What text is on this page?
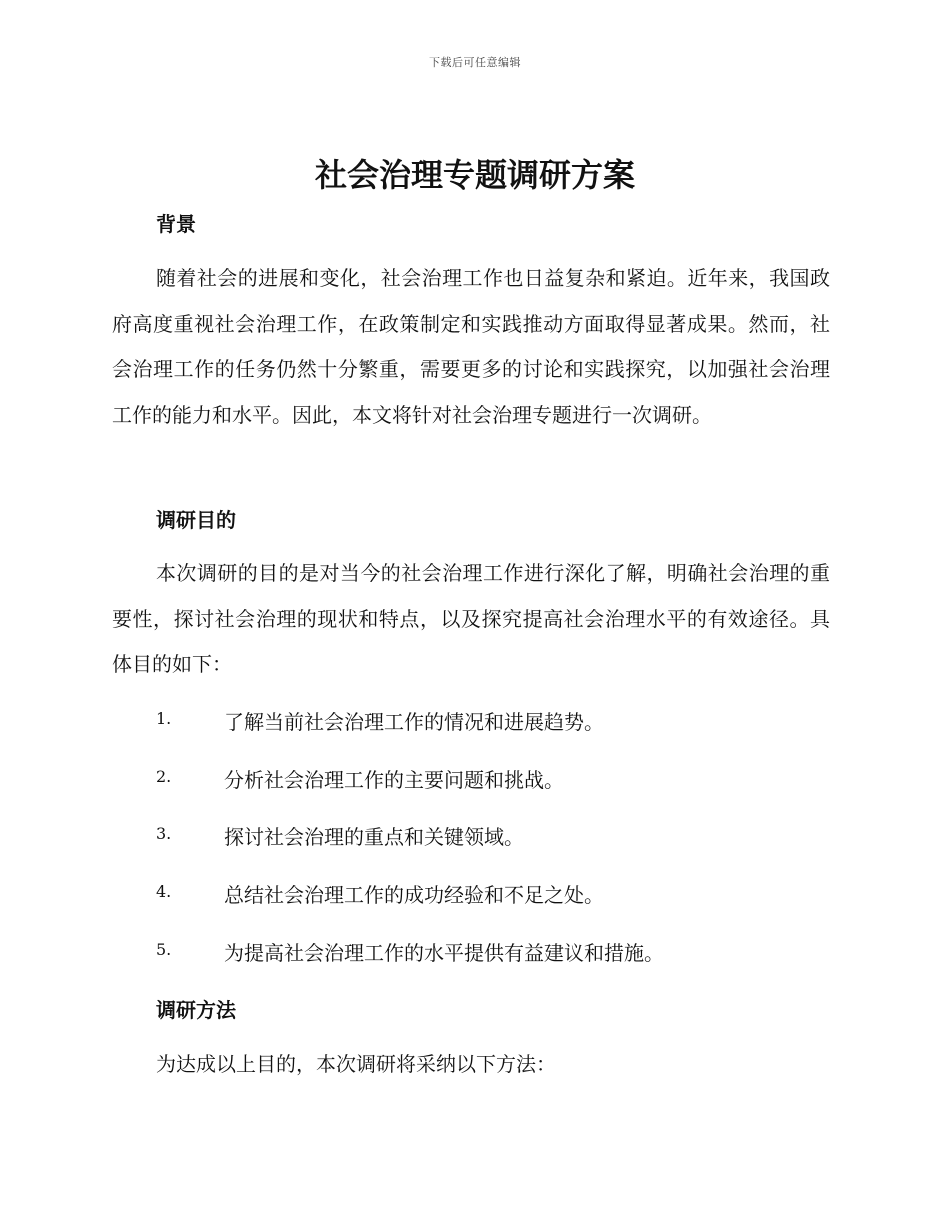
下载后可任意编辑
社会治理专题调研方案
背景

随着社会的进展和变化，社会治理工作也日益复杂和紧迫。近年来，我国政府高度重视社会治理工作，在政策制定和实践推动方面取得显著成果。然而，社会治理工作的任务仍然十分繁重，需要更多的讨论和实践探究，以加强社会治理工作的能力和水平。因此，本文将针对社会治理专题进行一次调研。

调研目的

本次调研的目的是对当今的社会治理工作进行深化了解，明确社会治理的重要性，探讨社会治理的现状和特点，以及探究提高社会治理水平的有效途径。具体目的如下：

1.	了解当前社会治理工作的情况和进展趋势。
2.	分析社会治理工作的主要问题和挑战。
3.	探讨社会治理的重点和关键领域。
4.	总结社会治理工作的成功经验和不足之处。
5.	为提高社会治理工作的水平提供有益建议和措施。
调研方法

为达成以上目的，本次调研将采纳以下方法：
